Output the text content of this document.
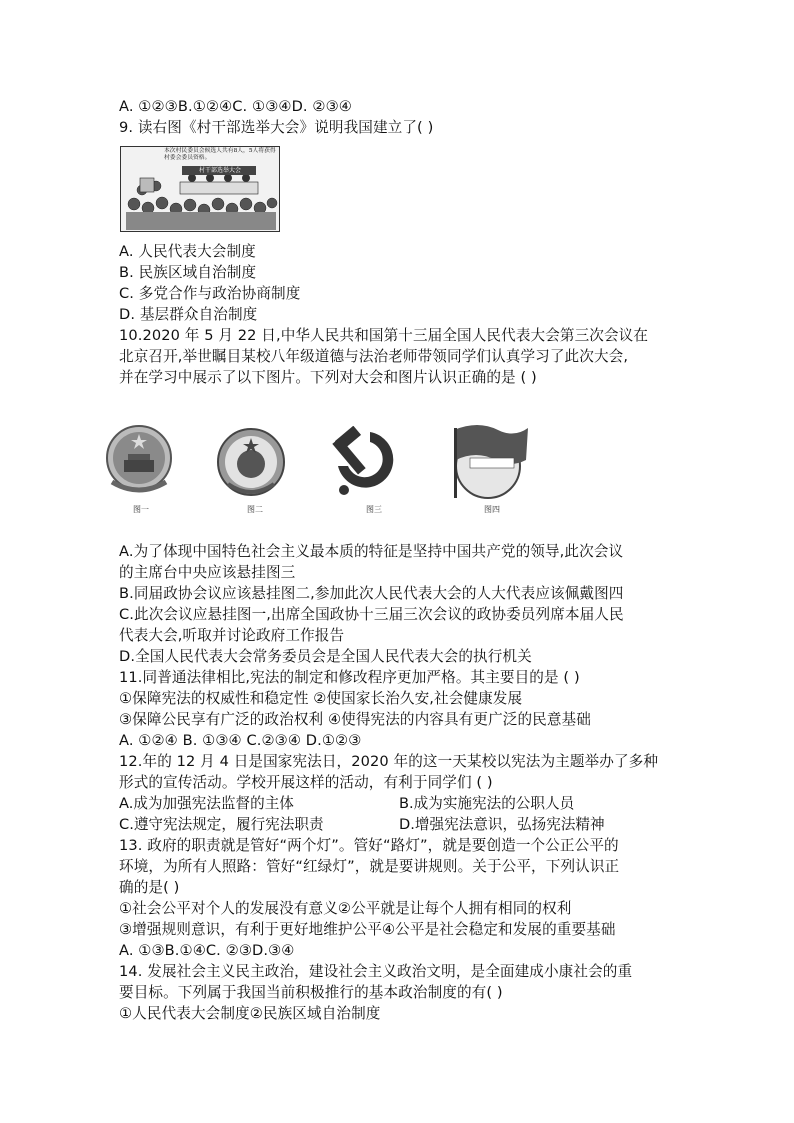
A. ①②③B.①②④C. ①③④D. ②③④
9. 读右图《村干部选举大会》说明我国建立了( )
本次村民委员会候选人共有8人，5人将获得村委会委员资格。
村干部选举大会
A. 人民代表大会制度
B. 民族区域自治制度
C. 多党合作与政治协商制度
D. 基层群众自治制度
10.2020 年 5 月 22 日,中华人民共和国第十三届全国人民代表大会第三次会议在
北京召开,举世瞩目某校八年级道德与法治老师带领同学们认真学习了此次大会,
并在学习中展示了以下图片。下列对大会和图片认识正确的是 ( )
图一	图二	图三	图四
A.为了体现中国特色社会主义最本质的特征是坚持中国共产党的领导,此次会议
的主席台中央应该悬挂图三
B.同届政协会议应该悬挂图二,参加此次人民代表大会的人大代表应该佩戴图四
C.此次会议应悬挂图一,出席全国政协十三届三次会议的政协委员列席本届人民
代表大会,听取并讨论政府工作报告
D.全国人民代表大会常务委员会是全国人民代表大会的执行机关
11.同普通法律相比,宪法的制定和修改程序更加严格。其主要目的是 ( )
①保障宪法的权威性和稳定性 ②使国家长治久安,社会健康发展
③保障公民享有广泛的政治权利 ④使得宪法的内容具有更广泛的民意基础
A. ①②④ B. ①③④ C.②③④ D.①②③
12.年的 12 月 4 日是国家宪法日，2020 年的这一天某校以宪法为主题举办了多种
形式的宣传活动。学校开展这样的活动，有利于同学们 ( )
A.成为加强宪法监督的主体	B.成为实施宪法的公职人员
C.遵守宪法规定，履行宪法职责	D.增强宪法意识，弘扬宪法精神
13. 政府的职责就是管好“两个灯”。管好“路灯”，就是要创造一个公正公平的
环境，为所有人照路：管好“红绿灯”，就是要讲规则。关于公平，下列认识正
确的是( )
①社会公平对个人的发展没有意义②公平就是让每个人拥有相同的权利
③增强规则意识，有利于更好地维护公平④公平是社会稳定和发展的重要基础
A. ①③B.①④C. ②③D.③④
14. 发展社会主义民主政治，建设社会主义政治文明，是全面建成小康社会的重
要目标。下列属于我国当前积极推行的基本政治制度的有( )
①人民代表大会制度②民族区域自治制度
